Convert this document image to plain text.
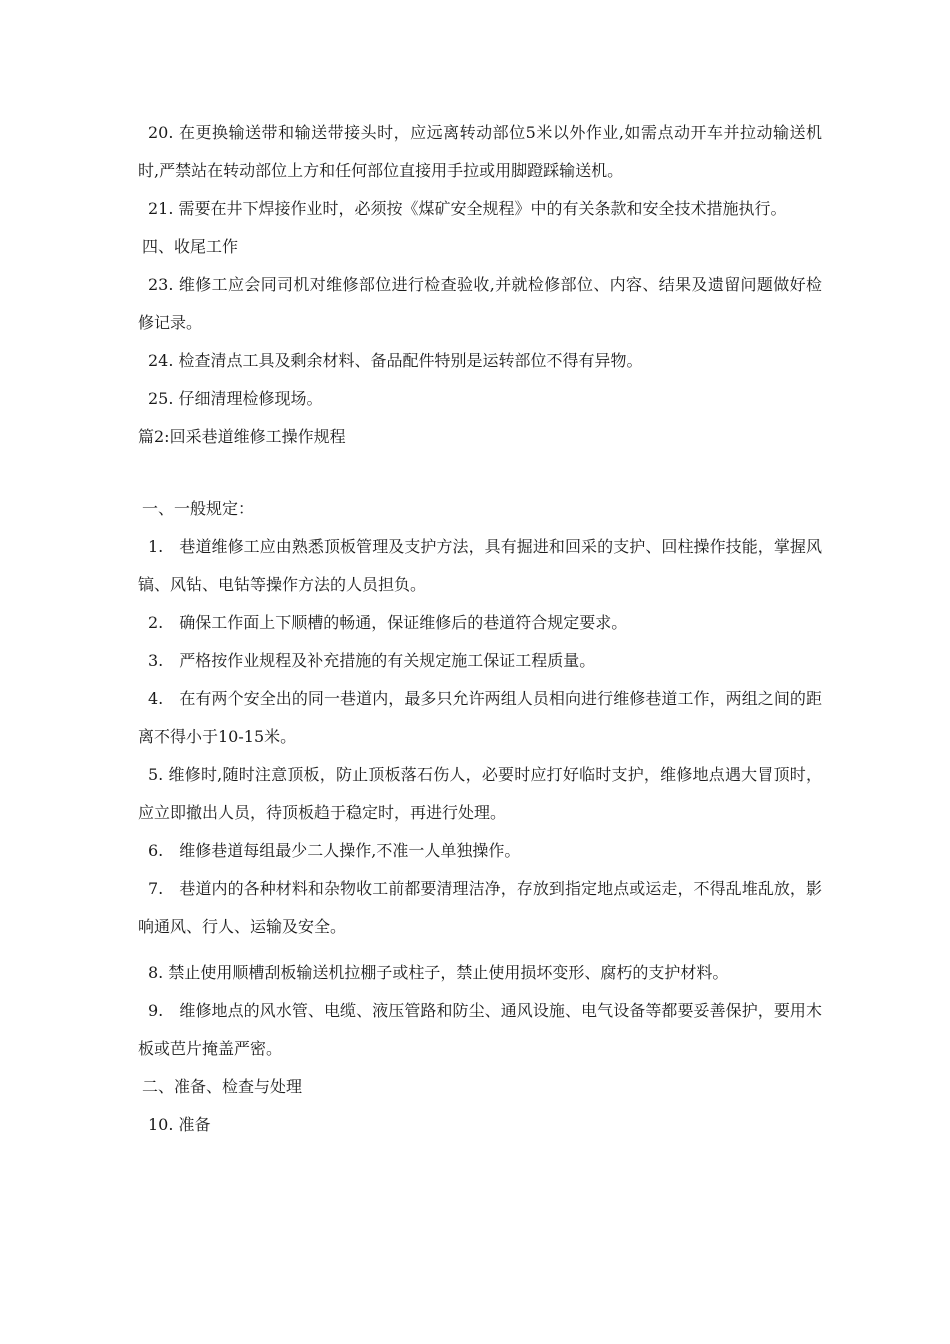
20. 在更换输送带和输送带接头时，应远离转动部位5米以外作业,如需点动开车并拉动输送机时,严禁站在转动部位上方和任何部位直接用手拉或用脚蹬踩输送机。

21. 需要在井下焊接作业时，必须按《煤矿安全规程》中的有关条款和安全技术措施执行。

四、收尾工作

23. 维修工应会同司机对维修部位进行检查验收,并就检修部位、内容、结果及遗留问题做好检修记录。

24. 检查清点工具及剩余材料、备品配件特别是运转部位不得有异物。

25. 仔细清理检修现场。

篇2:回采巷道维修工操作规程

一、一般规定：

1.　巷道维修工应由熟悉顶板管理及支护方法，具有掘进和回采的支护、回柱操作技能，掌握风镐、风钻、电钻等操作方法的人员担负。

2.　确保工作面上下顺槽的畅通，保证维修后的巷道符合规定要求。

3.　严格按作业规程及补充措施的有关规定施工保证工程质量。

4.　在有两个安全出的同一巷道内，最多只允许两组人员相向进行维修巷道工作，两组之间的距离不得小于10-15米。

5. 维修时,随时注意顶板，防止顶板落石伤人，必要时应打好临时支护，维修地点遇大冒顶时，应立即撤出人员，待顶板趋于稳定时，再进行处理。

6.　维修巷道每组最少二人操作,不准一人单独操作。

7.　巷道内的各种材料和杂物收工前都要清理洁净，存放到指定地点或运走，不得乱堆乱放，影响通风、行人、运输及安全。

8. 禁止使用顺槽刮板输送机拉棚子或柱子，禁止使用损坏变形、腐朽的支护材料。

9.　维修地点的风水管、电缆、液压管路和防尘、通风设施、电气设备等都要妥善保护，要用木板或芭片掩盖严密。

二、准备、检查与处理

10. 准备
